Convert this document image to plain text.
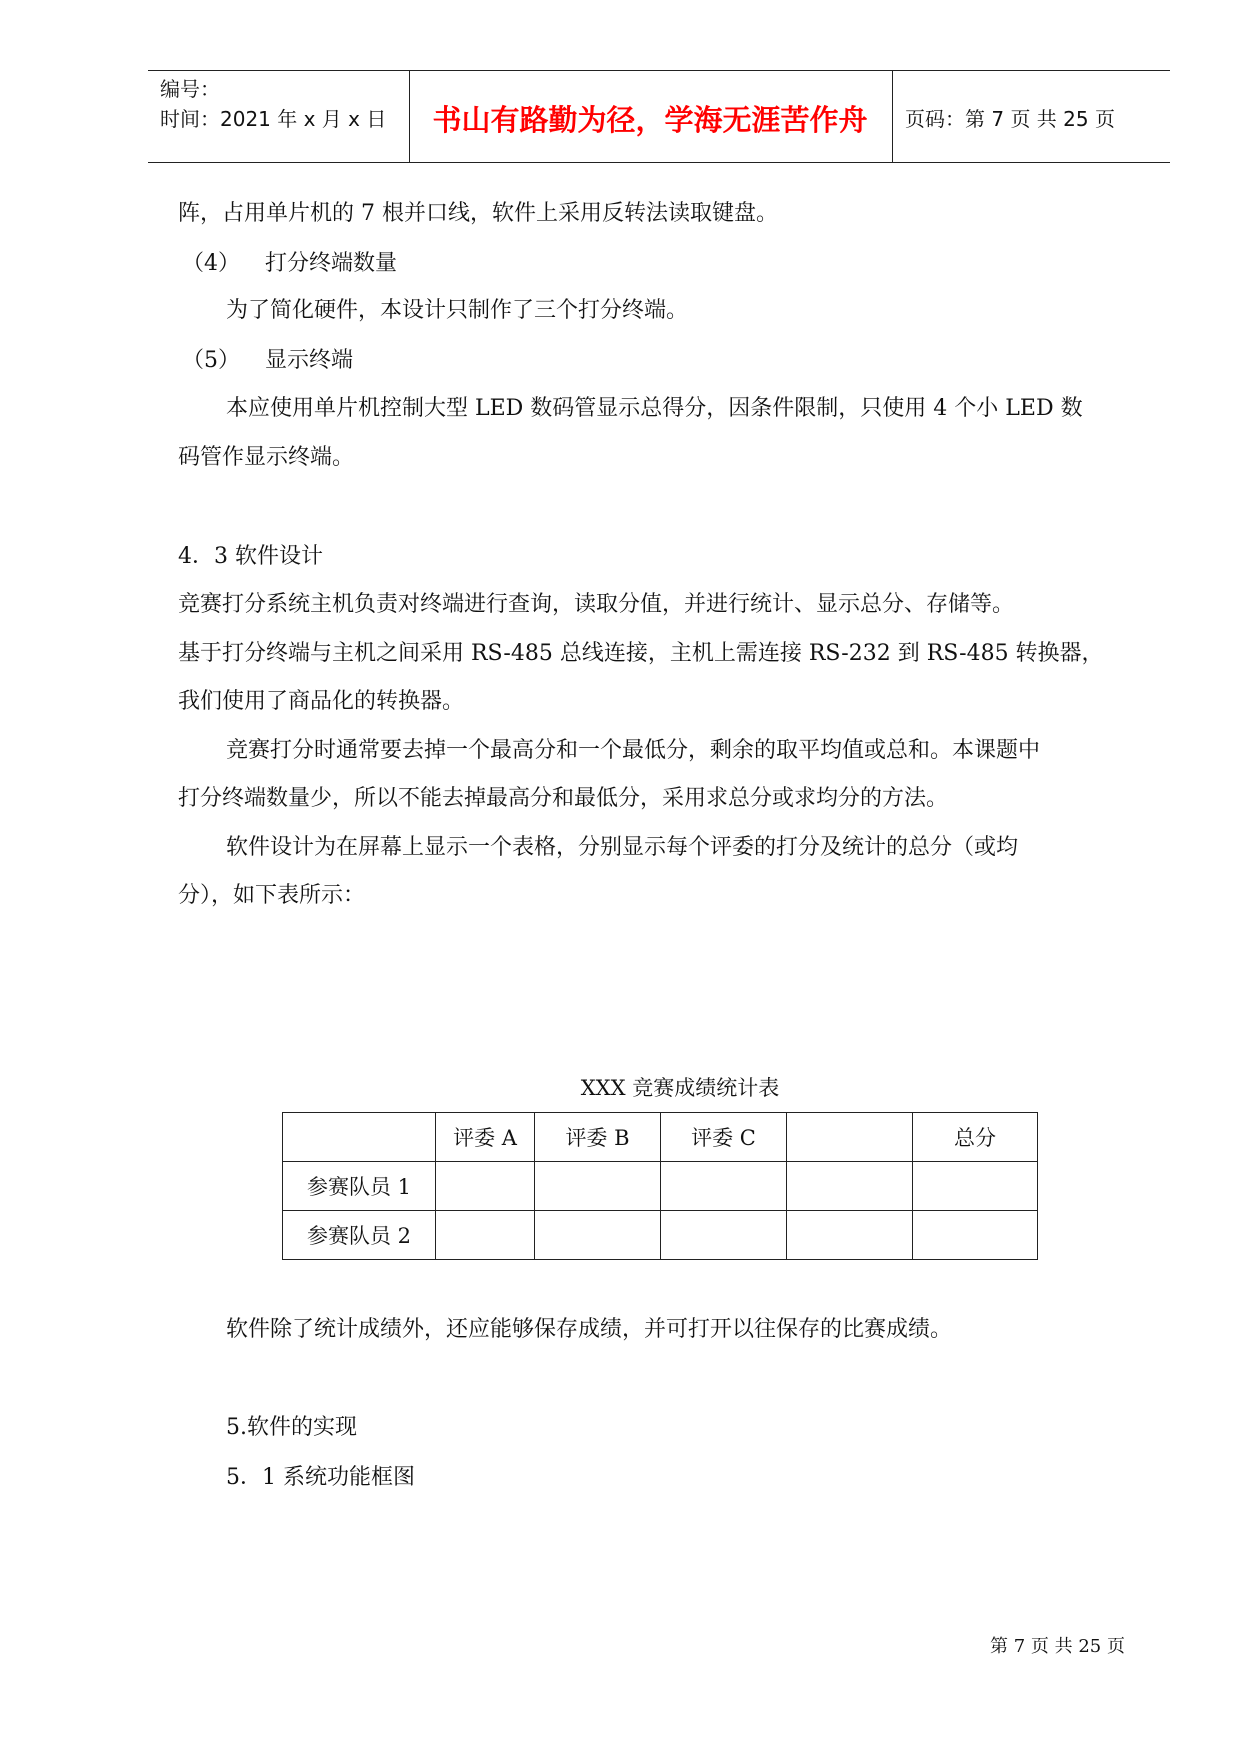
编号：
时间：2021 年 x 月 x 日	书山有路勤为径，学海无涯苦作舟	页码：第 7 页 共 25 页
阵，占用单片机的 7 根并口线，软件上采用反转法读取键盘。
（4） 打分终端数量
为了简化硬件，本设计只制作了三个打分终端。
（5） 显示终端
本应使用单片机控制大型 LED 数码管显示总得分，因条件限制，只使用 4 个小 LED 数
码管作显示终端。
4．3 软件设计
竞赛打分系统主机负责对终端进行查询，读取分值，并进行统计、显示总分、存储等。
基于打分终端与主机之间采用 RS-485 总线连接，主机上需连接 RS-232 到 RS-485 转换器，
我们使用了商品化的转换器。
竞赛打分时通常要去掉一个最高分和一个最低分，剩余的取平均值或总和。本课题中
打分终端数量少，所以不能去掉最高分和最低分，采用求总分或求均分的方法。
软件设计为在屏幕上显示一个表格，分别显示每个评委的打分及统计的总分（或均
分），如下表所示：
XXX 竞赛成绩统计表
	评委 A	评委 B	评委 C		总分
参赛队员 1					
参赛队员 2					
软件除了统计成绩外，还应能够保存成绩，并可打开以往保存的比赛成绩。
5.软件的实现
5．1 系统功能框图
第 7 页 共 25 页
